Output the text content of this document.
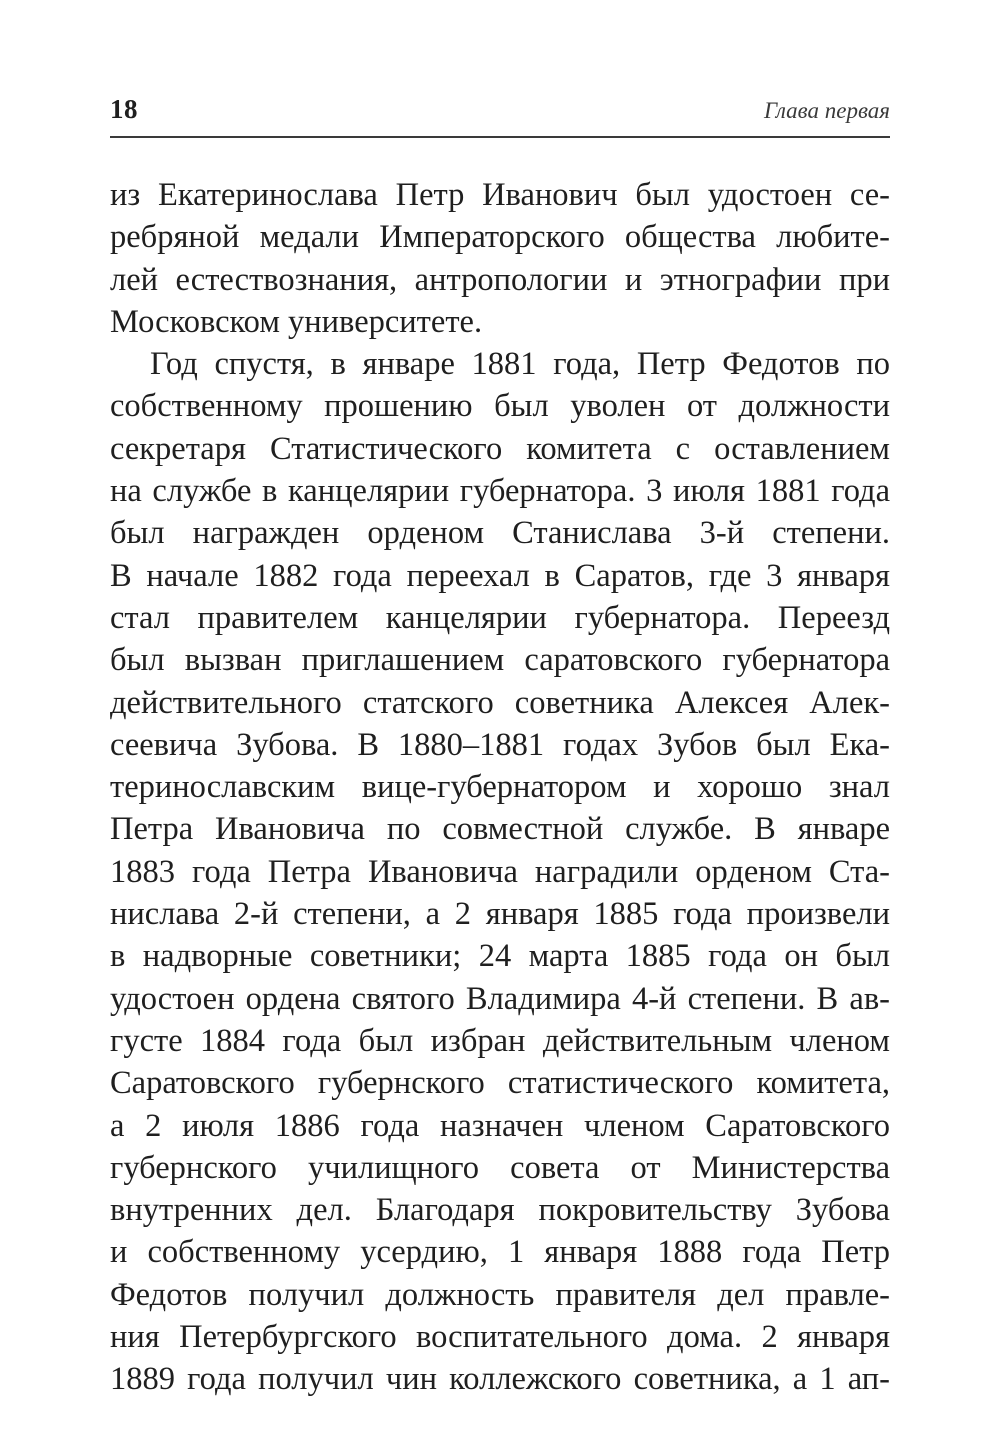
18	Глава первая
из Екатеринослава Петр Иванович был удостоен се-
ребряной медали Императорского общества любите-
лей естествознания, антропологии и этнографии при
Московском университете.
Год спустя, в январе 1881 года, Петр Федотов по
собственному прошению был уволен от должности
секретаря Статистического комитета с оставлением
на службе в канцелярии губернатора. 3 июля 1881 года
был награжден орденом Станислава 3-й степени.
В начале 1882 года переехал в Саратов, где 3 января
стал правителем канцелярии губернатора. Переезд
был вызван приглашением саратовского губернатора
действительного статского советника Алексея Алек-
сеевича Зубова. В 1880–1881 годах Зубов был Ека-
теринославским вице-губернатором и хорошо знал
Петра Ивановича по совместной службе. В январе
1883 года Петра Ивановича наградили орденом Ста-
нислава 2-й степени, а 2 января 1885 года произвели
в надворные советники; 24 марта 1885 года он был
удостоен ордена святого Владимира 4-й степени. В ав-
густе 1884 года был избран действительным членом
Саратовского губернского статистического комитета,
а 2 июля 1886 года назначен членом Саратовского
губернского училищного совета от Министерства
внутренних дел. Благодаря покровительству Зубова
и собственному усердию, 1 января 1888 года Петр
Федотов получил должность правителя дел правле-
ния Петербургского воспитательного дома. 2 января
1889 года получил чин коллежского советника, а 1 ап-
